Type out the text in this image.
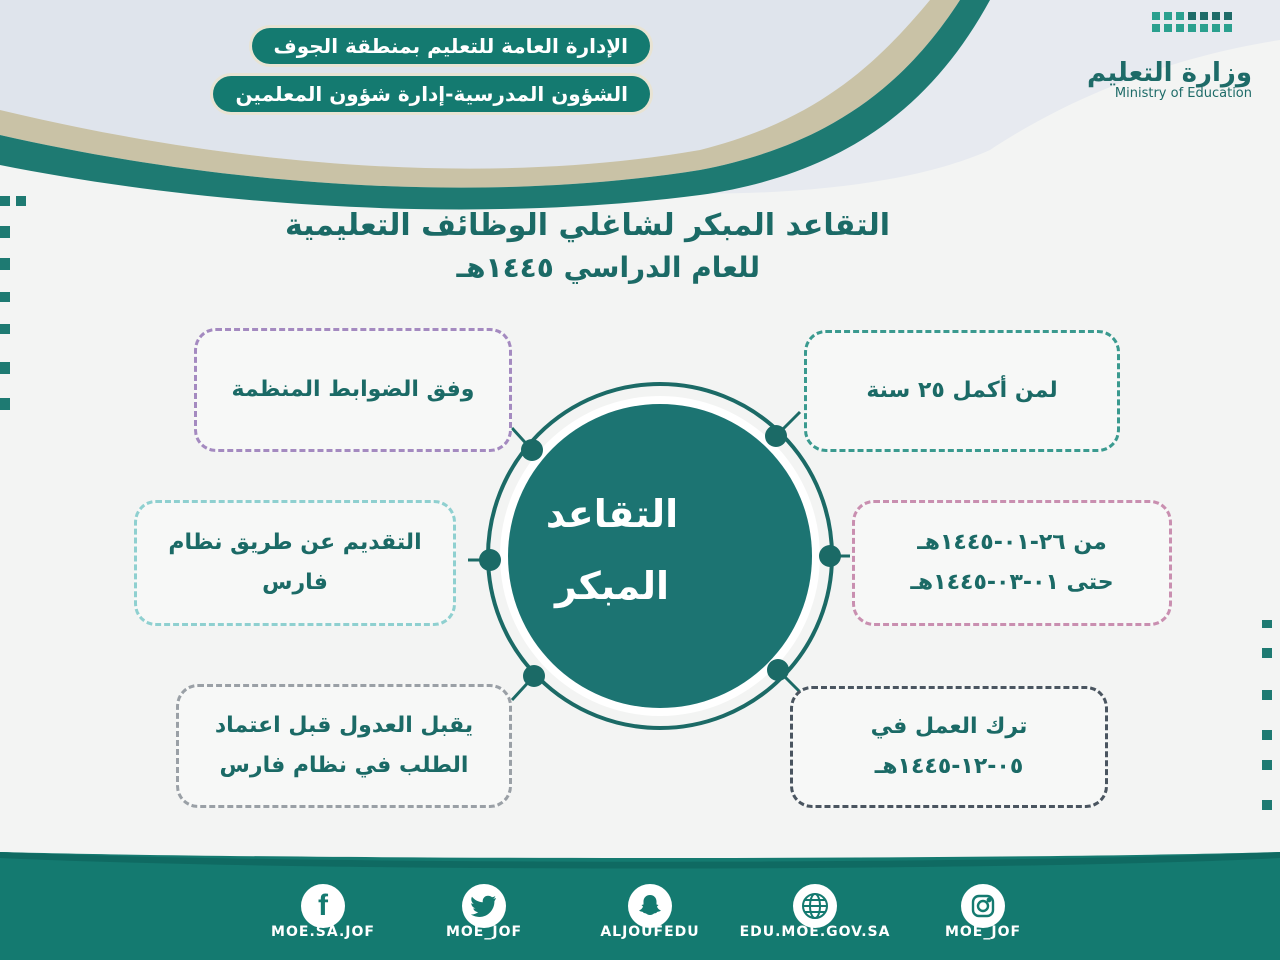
الإدارة العامة للتعليم بمنطقة الجوف
الشؤون المدرسية-إدارة شؤون المعلمين
وزارة التعليم
Ministry of Education
التقاعد المبكر لشاغلي الوظائف التعليمية
للعام الدراسي ١٤٤٥هـ
التقاعد
المبكر
لمن أكمل ٢٥ سنة
من ٢٦-٠١-١٤٤٥هـ
حتى ٠١-٠٣-١٤٤٥هـ
ترك العمل في
٠٥-١٢-١٤٤٥هـ
وفق الضوابط المنظمة
التقديم عن طريق نظام
فارس
يقبل العدول قبل اعتماد
الطلب في نظام فارس
f
MOE.SA.JOF	MOE_JOF	ALJOUFEDU	EDU.MOE.GOV.SA	MOE_JOF
